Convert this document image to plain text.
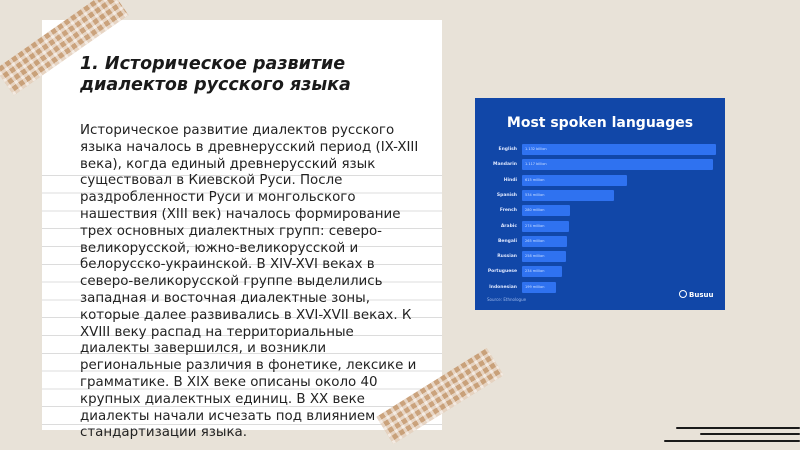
1. Историческое развитие диалектов русского языка

Историческое развитие диалектов русского языка началось в древнерусский период (IX-XIII века), когда единый древнерусский язык существовал в Киевской Руси. После раздробленности Руси и монгольского нашествия (XIII век) началось формирование трех основных диалектных групп: северо-великорусской, южно-великорусской и белорусско-украинской. В XIV-XVI веках в северо-великорусской группе выделились западная и восточная диалектные зоны, которые далее развивались в XVI-XVII веках. К XVIII веку распад на территориальные диалекты завершился, и возникли региональные различия в фонетике, лексике и грамматике. В XIX веке описаны около 40 крупных диалектных единиц. В XX веке диалекты начали исчезать под влиянием стандартизации языка.

Most spoken languages
English 1.132 billion
Mandarin 1.117 billion
Hindi 615 million
Spanish 534 million
French 280 million
Arabic 274 million
Bengali 265 million
Russian 258 million
Portuguese 234 million
Indonesian 199 million
Source: Ethnologue
Busuu
